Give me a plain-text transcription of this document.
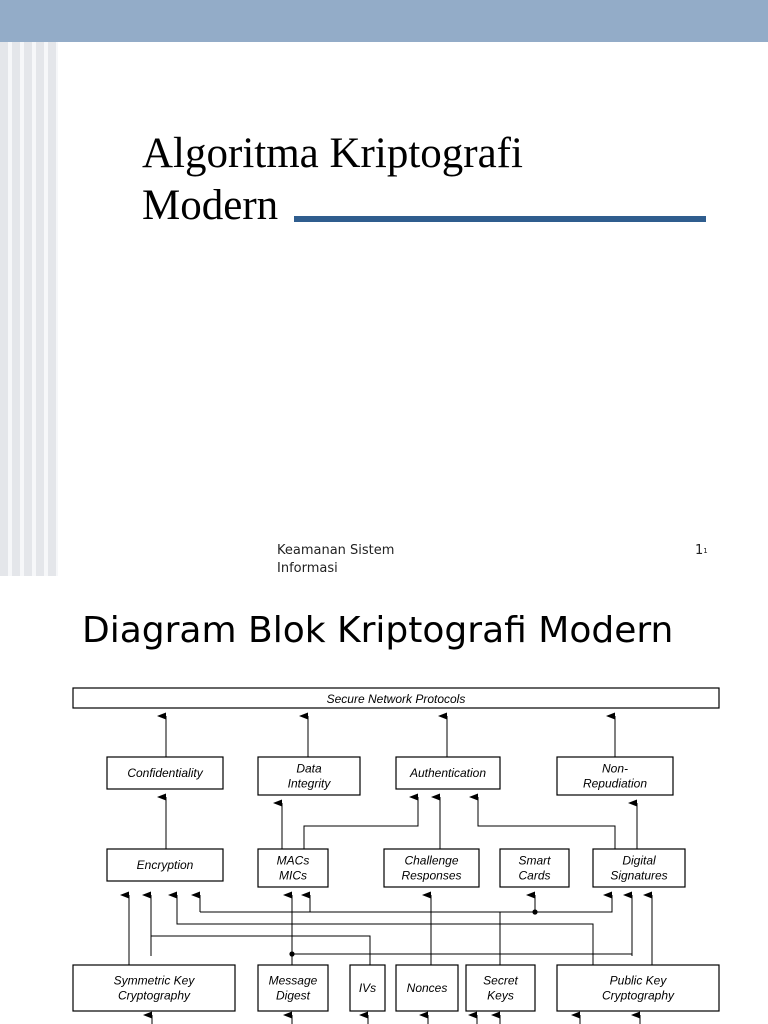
Algoritma Kriptografi
Modern
Keamanan Sistem
Informasi
$1^1$
Diagram Blok Kriptografi Modern
Secure Network Protocols
Confidentiality	Data
Integrity
Authentication	Non-
Repudiation
Encryption	MACs
MICs
Challenge
Responses
Smart
Cards
Digital
Signatures
Symmetric Key
Cryptography
Message
Digest
IVs	Nonces
Secret
Keys
Public Key
Cryptography
